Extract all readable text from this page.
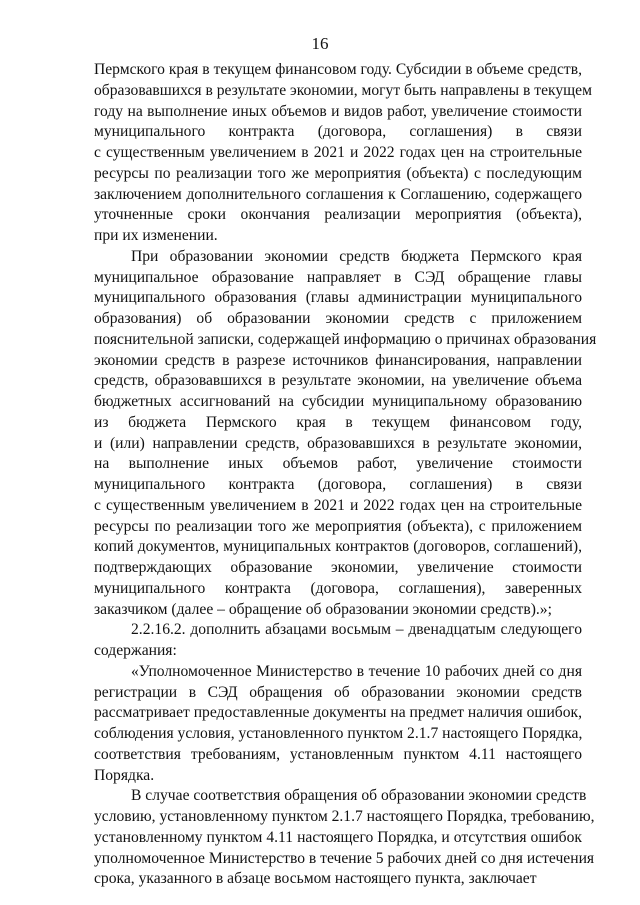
16
Пермского края в текущем финансовом году. Субсидии в объеме средств,
образовавшихся в результате экономии, могут быть направлены в текущем
году на выполнение иных объемов и видов работ, увеличение стоимости
муниципального контракта (договора, соглашения) в связи
с существенным увеличением в 2021 и 2022 годах цен на строительные
ресурсы по реализации того же мероприятия (объекта) с последующим
заключением дополнительного соглашения к Соглашению, содержащего
уточненные сроки окончания реализации мероприятия (объекта),
при их изменении.
При образовании экономии средств бюджета Пермского края
муниципальное образование направляет в СЭД обращение главы
муниципального образования (главы администрации муниципального
образования) об образовании экономии средств с приложением
пояснительной записки, содержащей информацию о причинах образования
экономии средств в разрезе источников финансирования, направлении
средств, образовавшихся в результате экономии, на увеличение объема
бюджетных ассигнований на субсидии муниципальному образованию
из бюджета Пермского края в текущем финансовом году,
и (или) направлении средств, образовавшихся в результате экономии,
на выполнение иных объемов работ, увеличение стоимости
муниципального контракта (договора, соглашения) в связи
с существенным увеличением в 2021 и 2022 годах цен на строительные
ресурсы по реализации того же мероприятия (объекта), с приложением
копий документов, муниципальных контрактов (договоров, соглашений),
подтверждающих образование экономии, увеличение стоимости
муниципального контракта (договора, соглашения), заверенных
заказчиком (далее – обращение об образовании экономии средств).»;
2.2.16.2. дополнить абзацами восьмым – двенадцатым следующего
содержания:
«Уполномоченное Министерство в течение 10 рабочих дней со дня
регистрации в СЭД обращения об образовании экономии средств
рассматривает предоставленные документы на предмет наличия ошибок,
соблюдения условия, установленного пунктом 2.1.7 настоящего Порядка,
соответствия требованиям, установленным пунктом 4.11 настоящего
Порядка.
В случае соответствия обращения об образовании экономии средств
условию, установленному пунктом 2.1.7 настоящего Порядка, требованию,
установленному пунктом 4.11 настоящего Порядка, и отсутствия ошибок
уполномоченное Министерство в течение 5 рабочих дней со дня истечения
срока, указанного в абзаце восьмом настоящего пункта, заключает
